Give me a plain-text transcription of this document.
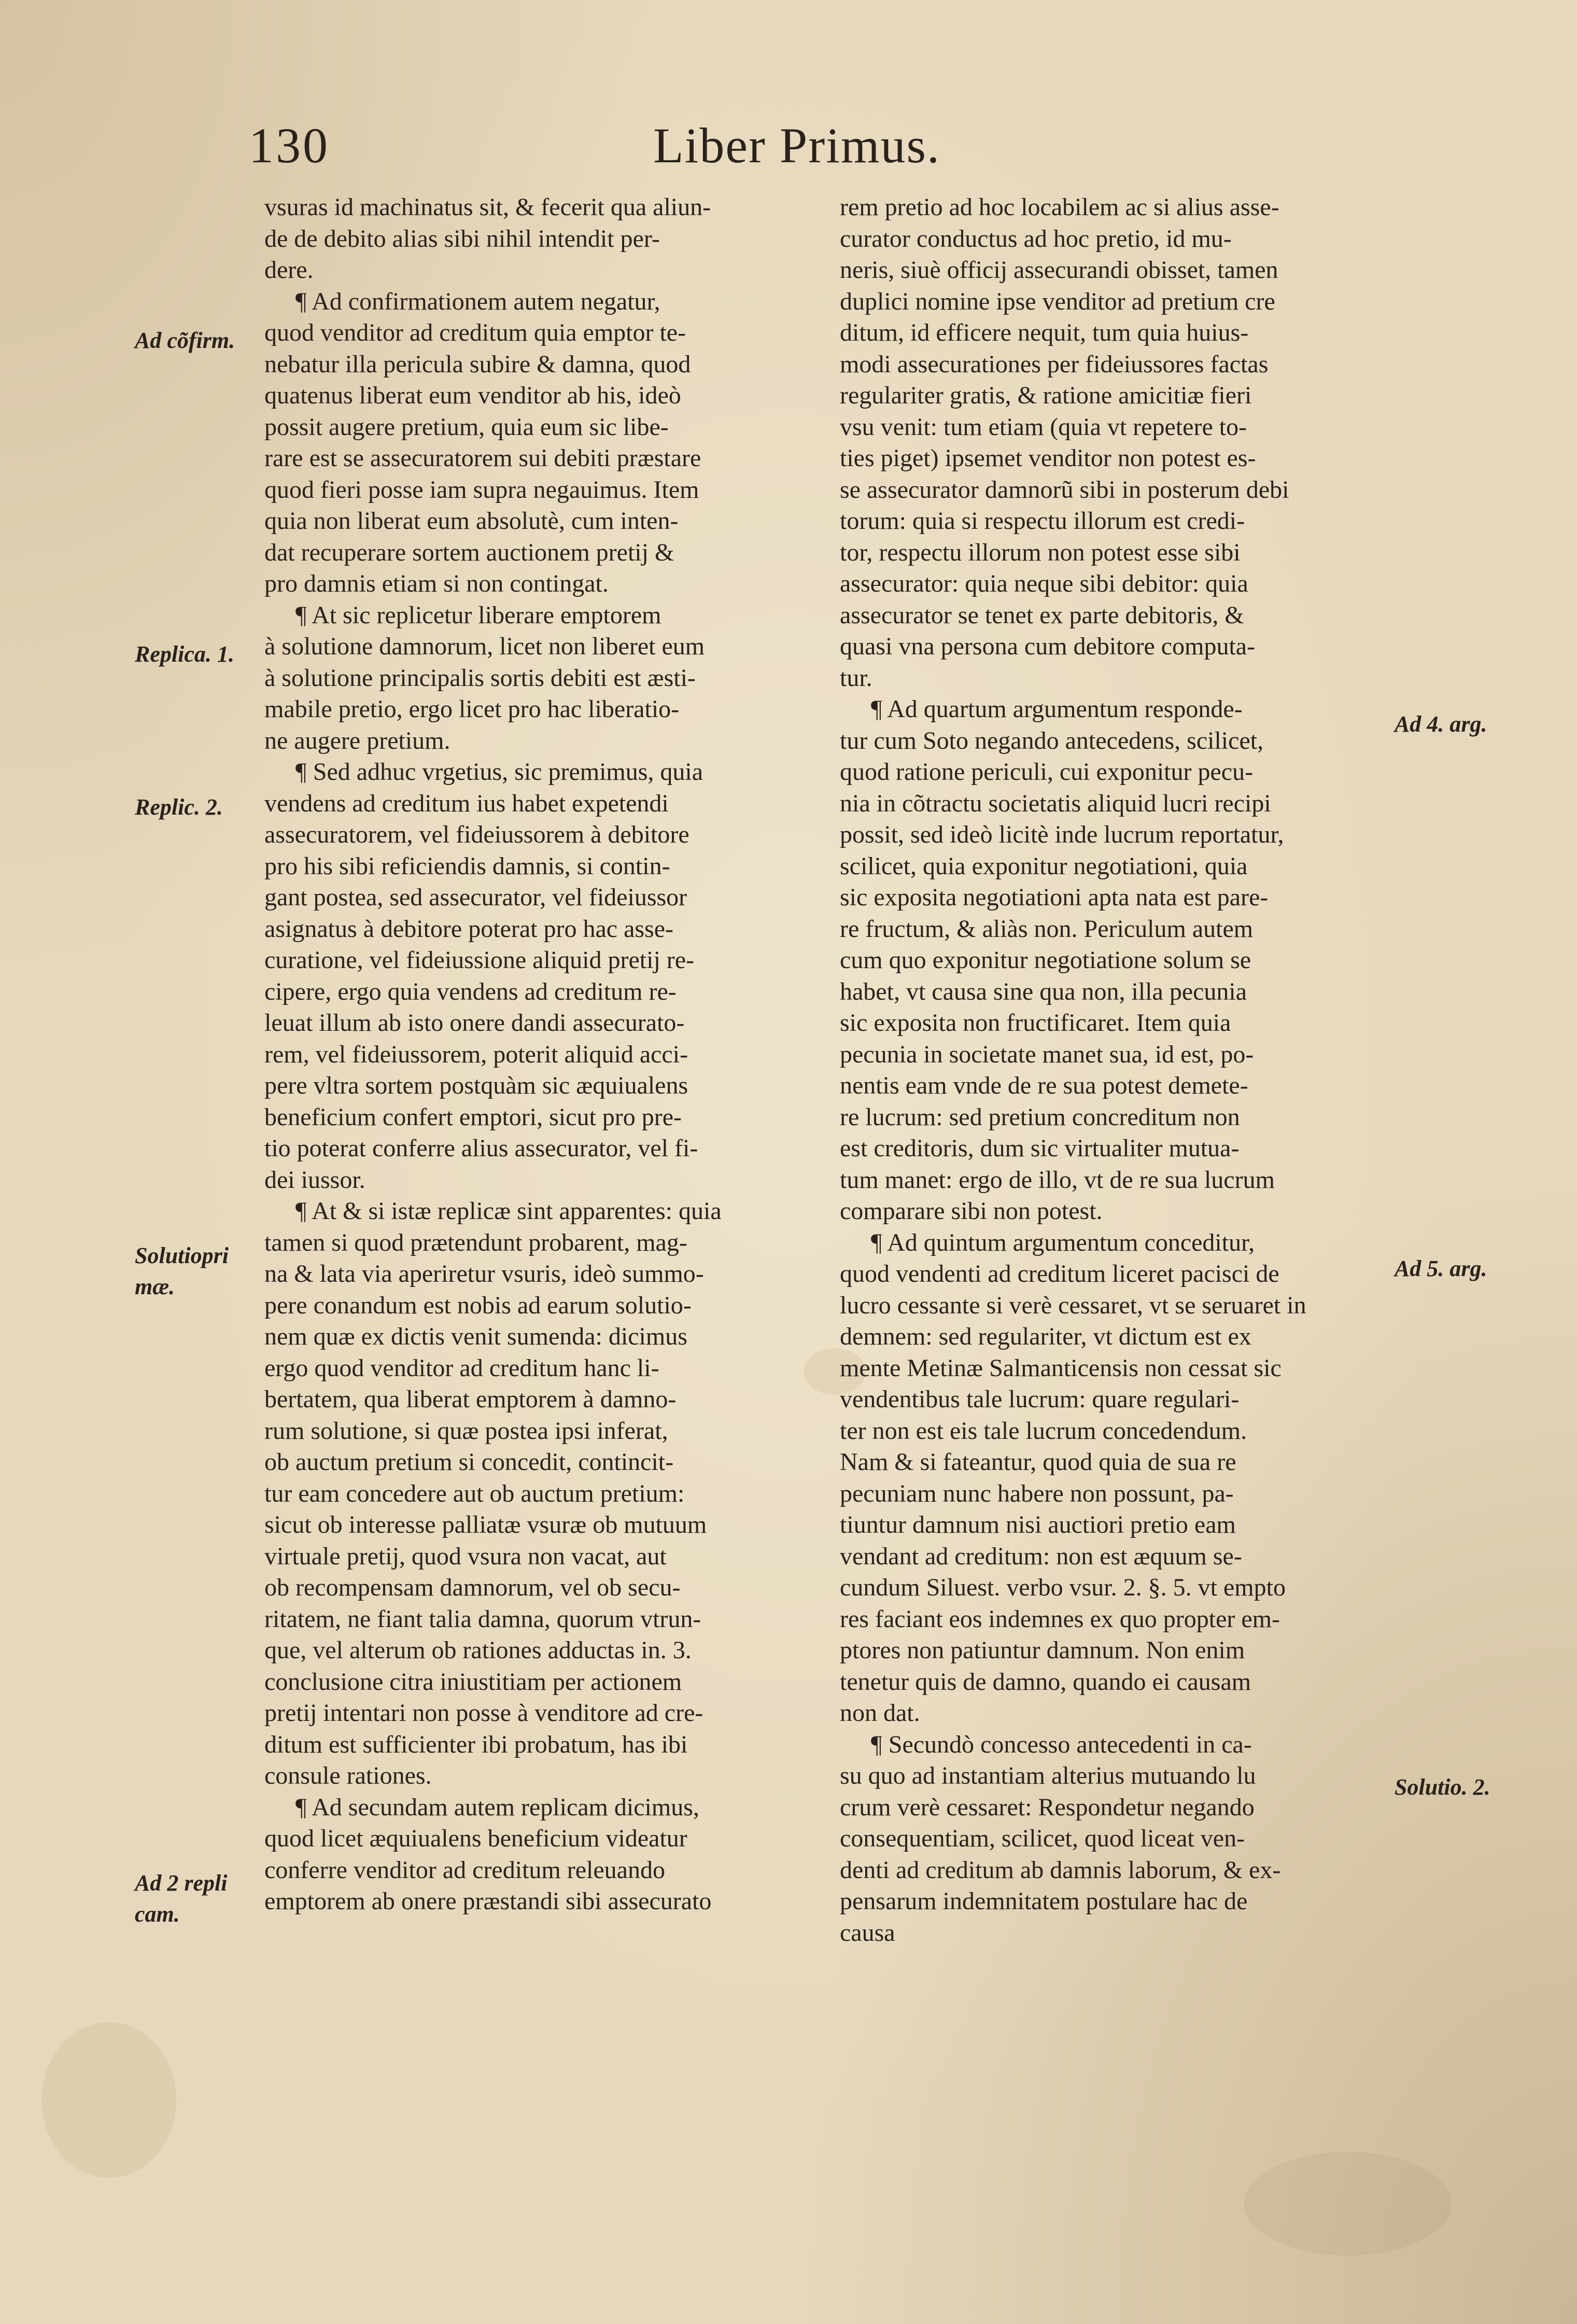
130	Liber Primus.

vsuras id machinatus sit, & fecerit qua aliun-

de de debito alias sibi nihil intendit per-

dere.

¶ Ad confirmationem autem negatur,

quod venditor ad creditum quia emptor te-

nebatur illa pericula subire & damna, quod

quatenus liberat eum venditor ab his, ideò

possit augere pretium, quia eum sic libe-

rare est se assecuratorem sui debiti præstare

quod fieri posse iam supra negauimus. Item

quia non liberat eum absolutè, cum inten-

dat recuperare sortem auctionem pretij &

pro damnis etiam si non contingat.

¶ At sic replicetur liberare emptorem

à solutione damnorum, licet non liberet eum

à solutione principalis sortis debiti est æsti-

mabile pretio, ergo licet pro hac liberatio-

ne augere pretium.

¶ Sed adhuc vrgetius, sic premimus, quia

vendens ad creditum ius habet expetendi

assecuratorem, vel fideiussorem à debitore

pro his sibi reficiendis damnis, si contin-

gant postea, sed assecurator, vel fideiussor

asignatus à debitore poterat pro hac asse-

curatione, vel fideiussione aliquid pretij re-

cipere, ergo quia vendens ad creditum re-

leuat illum ab isto onere dandi assecurato-

rem, vel fideiussorem, poterit aliquid acci-

pere vltra sortem postquàm sic æquiualens

beneficium confert emptori, sicut pro pre-

tio poterat conferre alius assecurator, vel fi-

dei iussor.

¶ At & si istæ replicæ sint apparentes: quia

tamen si quod prætendunt probarent, mag-

na & lata via aperiretur vsuris, ideò summo-

pere conandum est nobis ad earum solutio-

nem quæ ex dictis venit sumenda: dicimus

ergo quod venditor ad creditum hanc li-

bertatem, qua liberat emptorem à damno-

rum solutione, si quæ postea ipsi inferat,

ob auctum pretium si concedit, contincit-

tur eam concedere aut ob auctum pretium:

sicut ob interesse palliatæ vsuræ ob mutuum

virtuale pretij, quod vsura non vacat, aut

ob recompensam damnorum, vel ob secu-

ritatem, ne fiant talia damna, quorum vtrun-

que, vel alterum ob rationes adductas in. 3.

conclusione citra iniustitiam per actionem

pretij intentari non posse à venditore ad cre-

ditum est sufficienter ibi probatum, has ibi

consule rationes.

¶ Ad secundam autem replicam dicimus,

quod licet æquiualens beneficium videatur

conferre venditor ad creditum releuando

emptorem ab onere præstandi sibi assecurato

rem pretio ad hoc locabilem ac si alius asse-

curator conductus ad hoc pretio, id mu-

neris, siuè officij assecurandi obisset, tamen

duplici nomine ipse venditor ad pretium cre

ditum, id efficere nequit, tum quia huius-

modi assecurationes per fideiussores factas

regulariter gratis, & ratione amicitiæ fieri

vsu venit: tum etiam (quia vt repetere to-

ties piget) ipsemet venditor non potest es-

se assecurator damnorũ sibi in posterum debi

torum: quia si respectu illorum est credi-

tor, respectu illorum non potest esse sibi

assecurator: quia neque sibi debitor: quia

assecurator se tenet ex parte debitoris, &

quasi vna persona cum debitore computa-

tur.

¶ Ad quartum argumentum responde-

tur cum Soto negando antecedens, scilicet,

quod ratione periculi, cui exponitur pecu-

nia in cõtractu societatis aliquid lucri recipi

possit, sed ideò licitè inde lucrum reportatur,

scilicet, quia exponitur negotiationi, quia

sic exposita negotiationi apta nata est pare-

re fructum, & aliàs non. Periculum autem

cum quo exponitur negotiatione solum se

habet, vt causa sine qua non, illa pecunia

sic exposita non fructificaret. Item quia

pecunia in societate manet sua, id est, po-

nentis eam vnde de re sua potest demete-

re lucrum: sed pretium concreditum non

est creditoris, dum sic virtualiter mutua-

tum manet: ergo de illo, vt de re sua lucrum

comparare sibi non potest.

¶ Ad quintum argumentum conceditur,

quod vendenti ad creditum liceret pacisci de

lucro cessante si verè cessaret, vt se seruaret in

demnem: sed regulariter, vt dictum est ex

mente Metinæ Salmanticensis non cessat sic

vendentibus tale lucrum: quare regulari-

ter non est eis tale lucrum concedendum.

Nam & si fateantur, quod quia de sua re

pecuniam nunc habere non possunt, pa-

tiuntur damnum nisi auctiori pretio eam

vendant ad creditum: non est æquum se-

cundum Siluest. verbo vsur. 2. §. 5. vt empto

res faciant eos indemnes ex quo propter em-

ptores non patiuntur damnum. Non enim

tenetur quis de damno, quando ei causam

non dat.

¶ Secundò concesso antecedenti in ca-

su quo ad instantiam alterius mutuando lu

crum verè cessaret: Respondetur negando

consequentiam, scilicet, quod liceat ven-

denti ad creditum ab damnis laborum, & ex-

pensarum indemnitatem postulare hac de

causa

Ad cõfirm.
Replica. 1.
Replic. 2.
Solutiopri
mæ.
Ad 2 repli
cam.
Ad 4. arg.
Ad 5. arg.
Solutio. 2.
